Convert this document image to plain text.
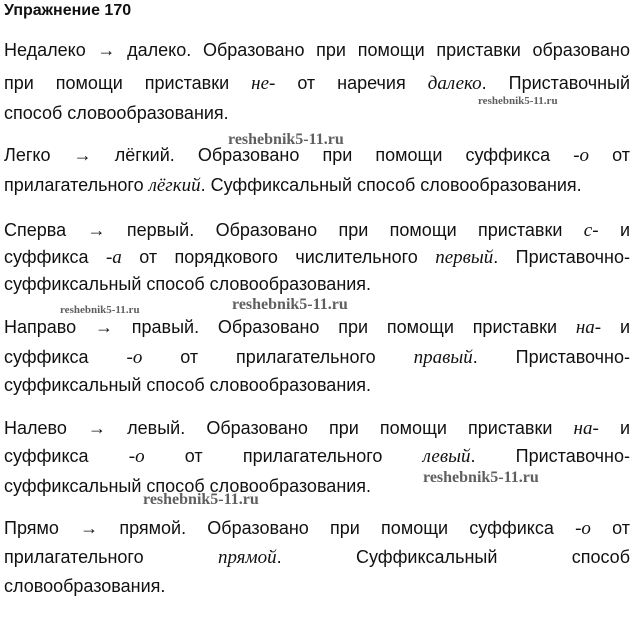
Упражнение 170
Недалеко → далеко. Образовано при помощи приставки образовано
при помощи приставки не- от наречия далеко. Приставочный
способ словообразования.
Легко → лёгкий. Образовано при помощи суффикса -о от
прилагательного лёгкий. Суффиксальный способ словообразования.
Сперва → первый. Образовано при помощи приставки с- и
суффикса -а от порядкового числительного первый. Приставочно-
суффиксальный способ словообразования.
Направо → правый. Образовано при помощи приставки на- и
суффикса -о от прилагательного правый. Приставочно-
суффиксальный способ словообразования.
Налево → левый. Образовано при помощи приставки на- и
суффикса -о от прилагательного левый. Приставочно-
суффиксальный способ словообразования.
Прямо → прямой. Образовано при помощи суффикса -о от
прилагательного прямой. Суффиксальный способ
словообразования.
reshebnik5-11.ru
reshebnik5-11.ru
reshebnik5-11.ru	reshebnik5-11.ru
reshebnik5-11.ru
reshebnik5-11.ru
